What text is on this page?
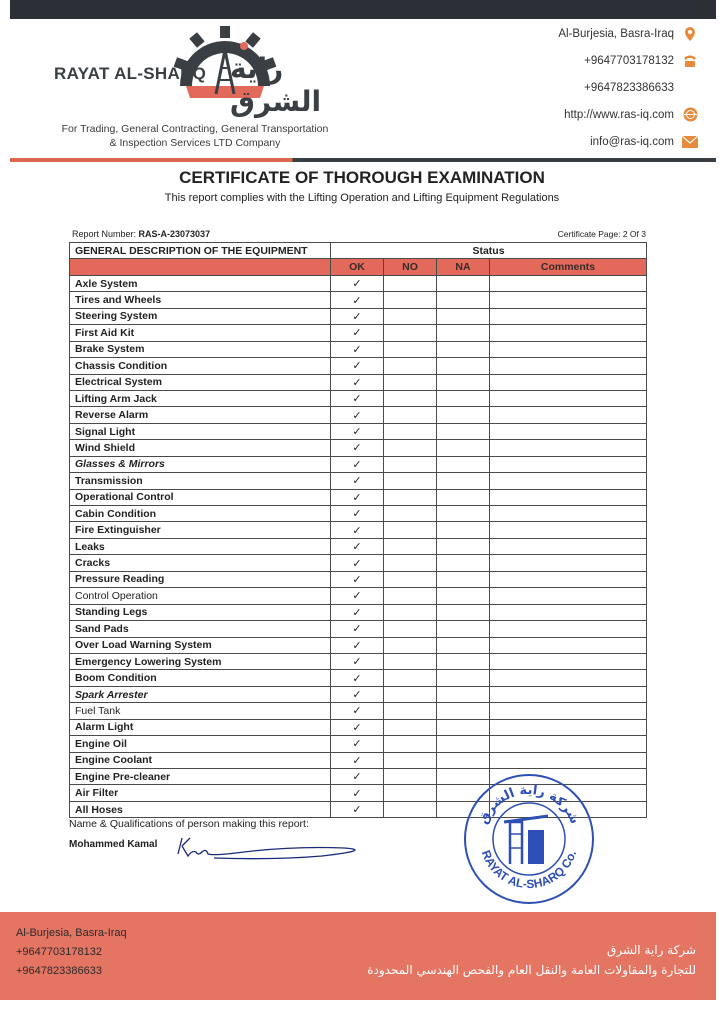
RAYAT AL-SHARQ راية الشرق
For Trading, General Contracting, General Transportation
& Inspection Services LTD Company
Al-Burjesia, Basra-Iraq
+9647703178132
+9647823386633
http://www.ras-iq.com
info@ras-iq.com
CERTIFICATE OF THOROUGH EXAMINATION
This report complies with the Lifting Operation and Lifting Equipment Regulations
Report Number: RAS-A-23073037	Certificate Page: 2 Of 3
GENERAL DESCRIPTION OF THE EQUIPMENT	Status			
	OK	NO	NA	Comments
Axle System	✓			
Tires and Wheels	✓			
Steering System	✓			
First Aid Kit	✓			
Brake System	✓			
Chassis Condition	✓			
Electrical System	✓			
Lifting Arm Jack	✓			
Reverse Alarm	✓			
Signal Light	✓			
Wind Shield	✓			
Glasses & Mirrors	✓			
Transmission	✓			
Operational Control	✓			
Cabin Condition	✓			
Fire Extinguisher	✓			
Leaks	✓			
Cracks	✓			
Pressure Reading	✓			
Control Operation	✓			
Standing Legs	✓			
Sand Pads	✓			
Over Load Warning System	✓			
Emergency Lowering System	✓			
Boom Condition	✓			
Spark Arrester	✓			
Fuel Tank	✓			
Alarm Light	✓			
Engine Oil	✓			
Engine Coolant	✓			
Engine Pre-cleaner	✓			
Air Filter	✓			
All Hoses	✓			
Name & Qualifications of person making this report:
Mohammed Kamal
شركة راية الشرق
RAYAT AL-SHARQ Co.
Al-Burjesia, Basra-Iraq
+9647703178132
+9647823386633
شركة راية الشرق
للتجارة والمقاولات العامة والنقل العام والفحص الهندسي المحدودة
